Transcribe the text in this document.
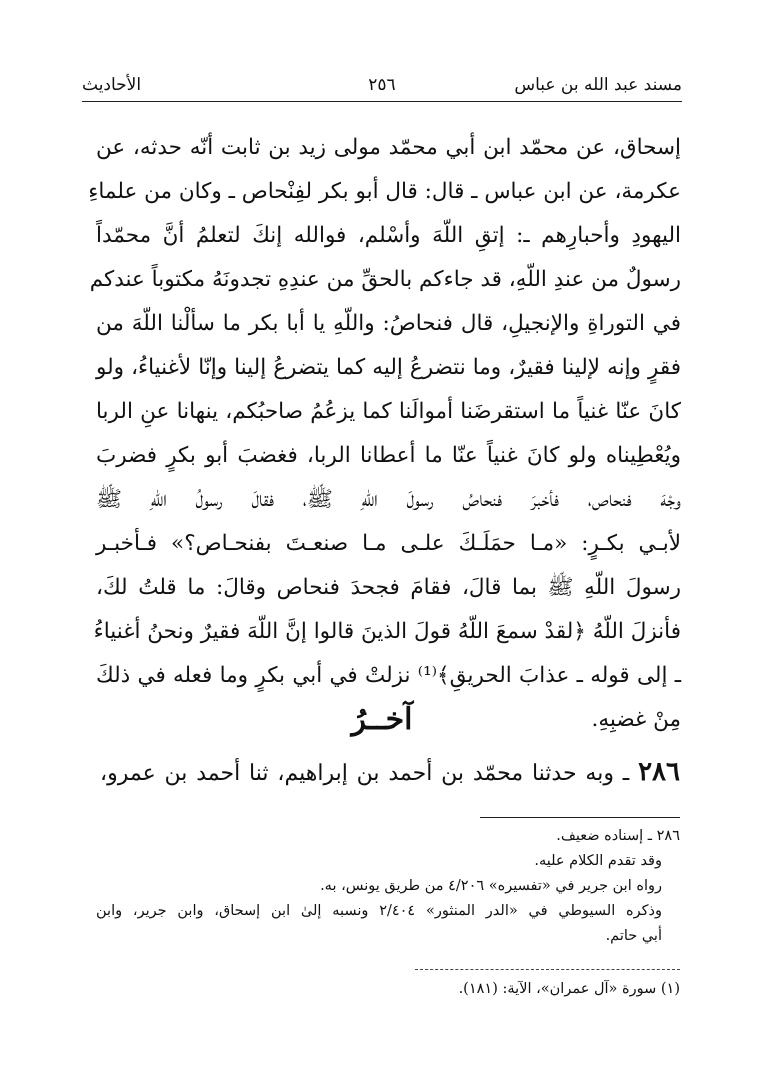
مسند عبد الله بن عباس
٢٥٦
الأحاديث
إسحاق، عن محمّد ابن أبي محمّد مولى زيد بن ثابت أنّه حدثه، عن
عكرمة، عن ابن عباس ـ قال: قال أبو بكر لفِنْحاص ـ وكان من علماءِ
اليهودِ وأحبارِهم ـ: إتقِ اللّهَ وأسْلم، فوالله إنكَ لتعلمُ أنَّ محمّداً
رسولٌ من عندِ اللّهِ، قد جاءكم بالحقِّ من عندِهِ تجدونَهُ مكتوباً عندكم
في التوراةِ والإنجيلِ، قال فنحاصُ: واللّهِ يا أبا بكر ما سألْنا اللّهَ من
فقرٍ وإنه لإلينا فقيرٌ، وما نتضرعُ إليه كما يتضرعُ إلينا وإنّا لأغنياءُ، ولو
كانَ عنّا غنياً ما استقرضَنا أموالَنا كما يزعُمُ صاحبُكم، ينهانا عنِ الربا
ويُعْطِيناه ولو كانَ غنياً عنّا ما أعطانا الربا، فغضبَ أبو بكرٍ فضربَ
وجْهَ فنحاص، فأخبرَ فنحاصُ رسولَ اللّهِ ﷺ، فقالَ رسولُ اللّهِ ﷺ
لأبـي بكـرٍ: «مـا حمَلَـكَ علـى مـا صنعـتَ بفنحـاص؟» فـأخبـر
رسولَ اللّهِ ﷺ بما قالَ، فقامَ فجحدَ فنحاص وقالَ: ما قلتُ لكَ،
فأنزلَ اللّهُ ﴿لقدْ سمعَ اللّهُ قولَ الذينَ قالوا إنَّ اللّهَ فقيرٌ ونحنُ أغنياءُ
ـ إلى قوله ـ عذابَ الحريقِ﴾⁽¹⁾ نزلتْ في أبي بكرٍ وما فعله في ذلكَ
مِنْ غضبِهِ.
آخــرُ
٢٨٦ ـ وبه حدثنا محمّد بن أحمد بن إبراهيم، ثنا أحمد بن عمرو،
٢٨٦ ـ إسناده ضعيف.
وقد تقدم الكلام عليه.
رواه ابن جرير في «تفسيره» ٤/٢٠٦ من طريق يونس، به.
وذكره السيوطي في «الدر المنثور» ٢/٤٠٤ ونسبه إلىٰ ابن إسحاق، وابن جرير، وابن
أبي حاتم.
(١) سورة «آل عمران»، الآية: (١٨١).
